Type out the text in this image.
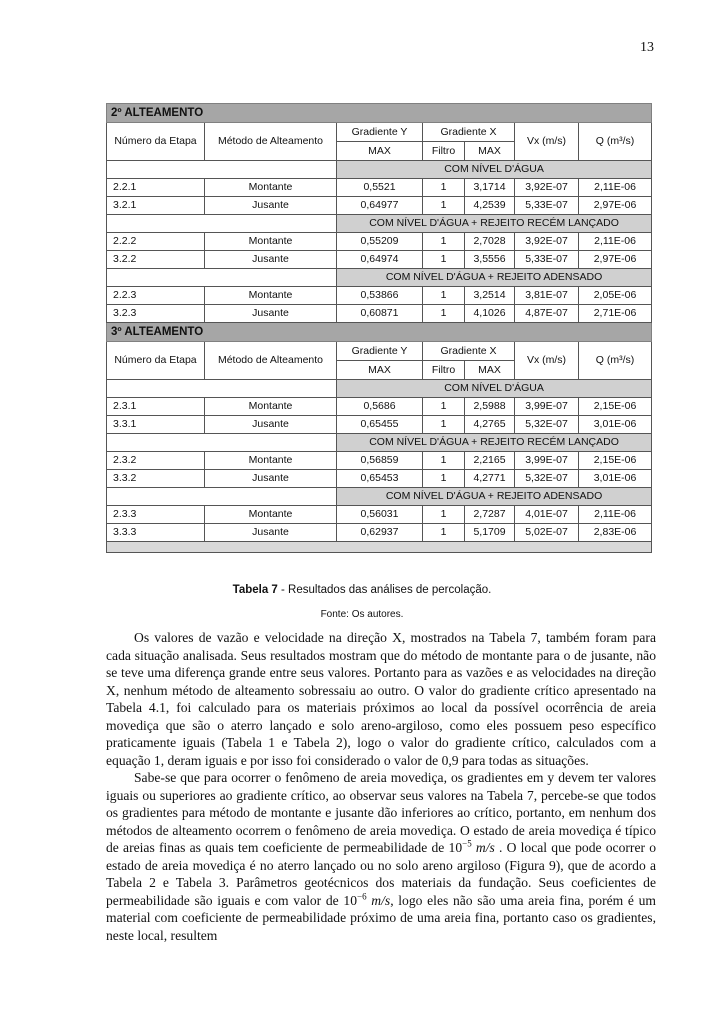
13
2º ALTEAMENTO						
Número da Etapa	Método de Alteamento	Gradiente Y	Gradiente X		Vx (m/s)	Q (m³/s)
		MAX	Filtro	MAX		
		COM NÍVEL D'ÁGUA				
2.2.1	Montante	0,5521	1	3,1714	3,92E-07	2,11E-06
3.2.1	Jusante	0,64977	1	4,2539	5,33E-07	2,97E-06
		COM NÍVEL D'ÁGUA + REJEITO RECÉM LANÇADO				
2.2.2	Montante	0,55209	1	2,7028	3,92E-07	2,11E-06
3.2.2	Jusante	0,64974	1	3,5556	5,33E-07	2,97E-06
		COM NÍVEL D'ÁGUA + REJEITO ADENSADO				
2.2.3	Montante	0,53866	1	3,2514	3,81E-07	2,05E-06
3.2.3	Jusante	0,60871	1	4,1026	4,87E-07	2,71E-06
3º ALTEAMENTO						
Número da Etapa	Método de Alteamento	Gradiente Y	Gradiente X		Vx (m/s)	Q (m³/s)
		MAX	Filtro	MAX		
		COM NÍVEL D'ÁGUA				
2.3.1	Montante	0,5686	1	2,5988	3,99E-07	2,15E-06
3.3.1	Jusante	0,65455	1	4,2765	5,32E-07	3,01E-06
		COM NÍVEL D'ÁGUA + REJEITO RECÉM LANÇADO				
2.3.2	Montante	0,56859	1	2,2165	3,99E-07	2,15E-06
3.3.2	Jusante	0,65453	1	4,2771	5,32E-07	3,01E-06
		COM NÍVEL D'ÁGUA + REJEITO ADENSADO				
2.3.3	Montante	0,56031	1	2,7287	4,01E-07	2,11E-06
3.3.3	Jusante	0,62937	1	5,1709	5,02E-07	2,83E-06

Tabela 7 - Resultados das análises de percolação.
Fonte: Os autores.

Os valores de vazão e velocidade na direção X, mostrados na Tabela 7, também foram para cada situação analisada. Seus resultados mostram que do método de montante para o de jusante, não se teve uma diferença grande entre seus valores. Portanto para as vazões e as velocidades na direção X, nenhum método de alteamento sobressaiu ao outro. O valor do gradiente crítico apresentado na Tabela 4.1, foi calculado para os materiais próximos ao local da possível ocorrência de areia movediça que são o aterro lançado e solo areno-argiloso, como eles possuem peso específico praticamente iguais (Tabela 1 e Tabela 2), logo o valor do gradiente crítico, calculados com a equação 1, deram iguais e por isso foi considerado o valor de 0,9 para todas as situações.

Sabe-se que para ocorrer o fenômeno de areia movediça, os gradientes em y devem ter valores iguais ou superiores ao gradiente crítico, ao observar seus valores na Tabela 7, percebe-se que todos os gradientes para método de montante e jusante dão inferiores ao crítico, portanto, em nenhum dos métodos de alteamento ocorrem o fenômeno de areia movediça. O estado de areia movediça é típico de areias finas as quais tem coeficiente de permeabilidade de $10^{-5}$ m/s . O local que pode ocorrer o estado de areia movediça é no aterro lançado ou no solo areno argiloso (Figura 9), que de acordo a Tabela 2 e Tabela 3. Parâmetros geotécnicos dos materiais da fundação. Seus coeficientes de permeabilidade são iguais e com valor de $10^{-6}$ m/s, logo eles não são uma areia fina, porém é um material com coeficiente de permeabilidade próximo de uma areia fina, portanto caso os gradientes, neste local, resultem
